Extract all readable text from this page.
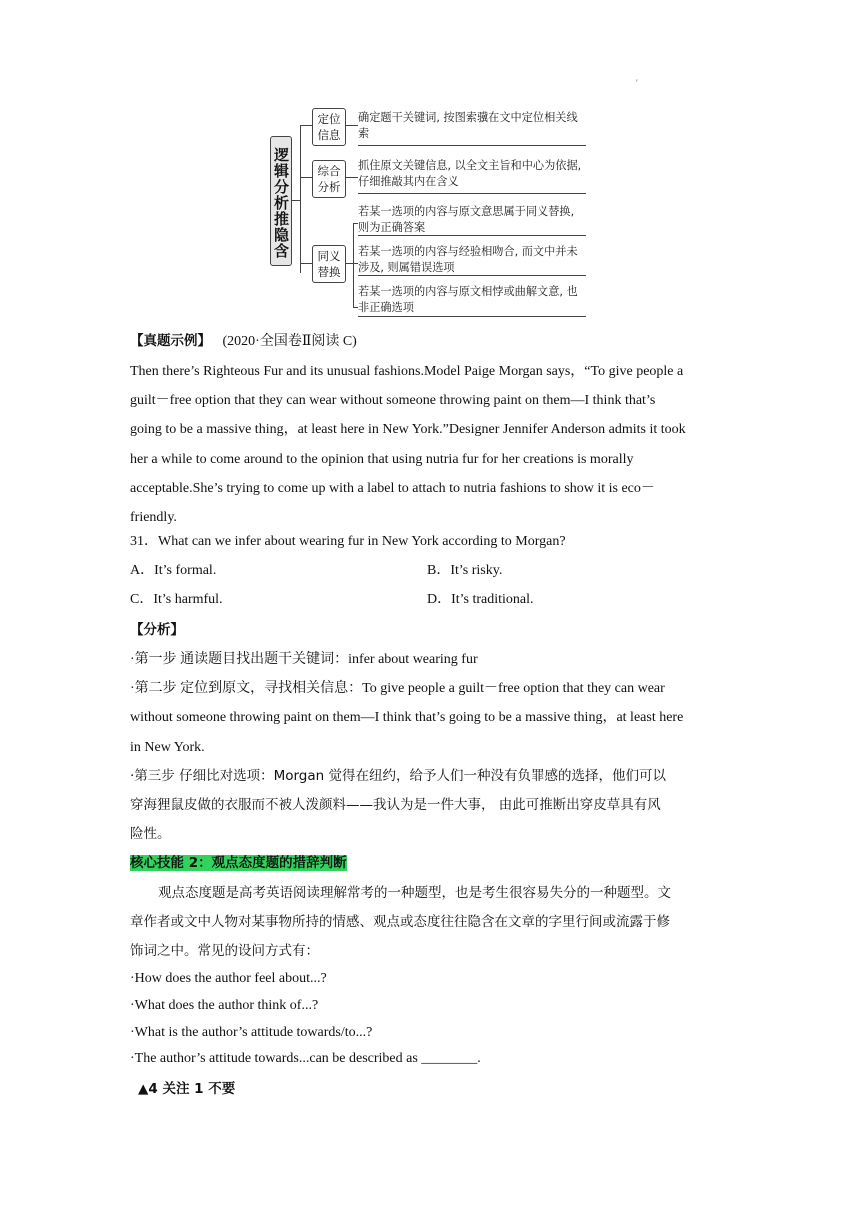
'
逻辑分析推隐含
定位信息
综合分析
同义替换
确定题干关键词, 按图索骥在文中定位相关线索
抓住原文关键信息, 以全文主旨和中心为依据, 仔细推敲其内在含义
若某一选项的内容与原文意思属于同义替换, 则为正确答案
若某一选项的内容与经验相吻合, 而文中并未涉及, 则属错误选项
若某一选项的内容与原文相悖或曲解文意, 也非正确选项
【真题示例】 (2020·全国卷Ⅱ阅读 C)
Then there’s Righteous Fur and its unusual fashions.Model Paige Morgan says，“To give people a
guilt－free option that they can wear without someone throwing paint on them—I think that’s
going to be a massive thing，at least here in New York.”Designer Jennifer Anderson admits it took
her a while to come around to the opinion that using nutria fur for her creations is morally
acceptable.She’s trying to come up with a label to attach to nutria fashions to show it is eco－
friendly.
31．What can we infer about wearing fur in New York according to Morgan?
A．It’s formal.	B．It’s risky.
C．It’s harmful.	D．It’s traditional.
【分析】
·第一步 通读题目找出题干关键词：infer about wearing fur
·第二步 定位到原文，寻找相关信息：To give people a guilt－free option that they can wear
without someone throwing paint on them—I think that’s going to be a massive thing，at least here
in New York.
·第三步 仔细比对选项：Morgan 觉得在纽约，给予人们一种没有负罪感的选择，他们可以
穿海狸鼠皮做的衣服而不被人泼颜料——我认为是一件大事， 由此可推断出穿皮草具有风
险性。
核心技能 2：观点态度题的措辞判断
观点态度题是高考英语阅读理解常考的一种题型，也是考生很容易失分的一种题型。文
章作者或文中人物对某事物所持的情感、观点或态度往往隐含在文章的字里行间或流露于修
饰词之中。常见的设问方式有：
·How does the author feel about...?
·What does the author think of...?
·What is the author’s attitude towards/to...?
·The author’s attitude towards...can be described as ________.
▲4 关注 1 不要
